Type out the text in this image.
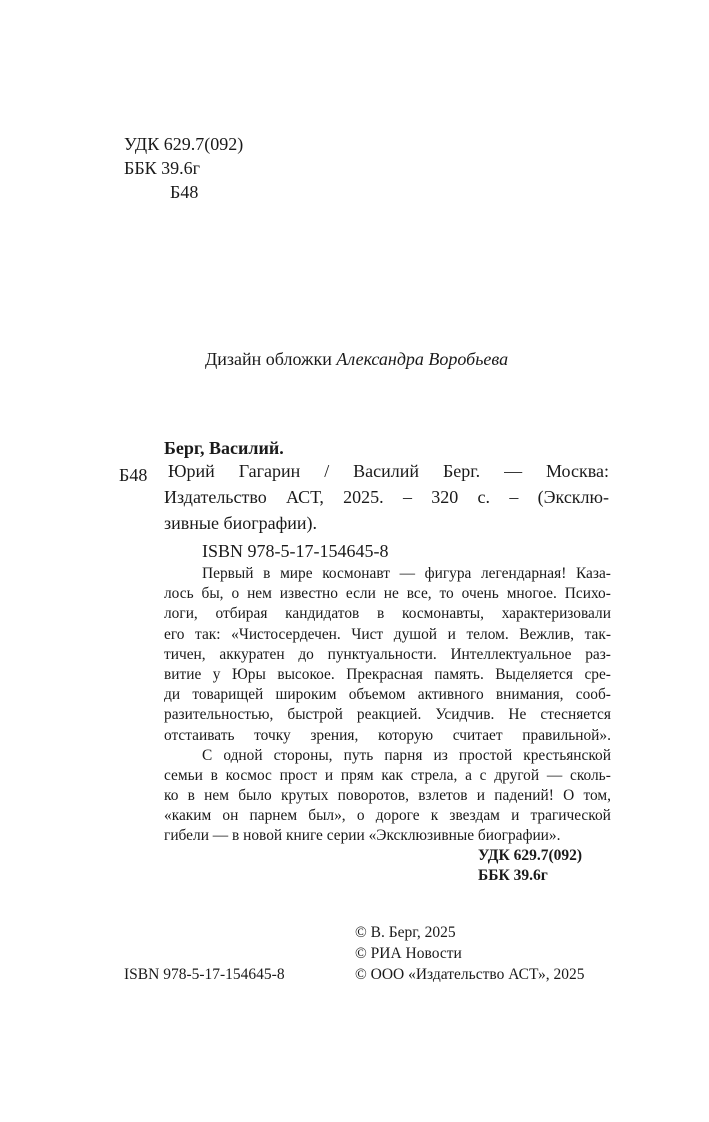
УДК 629.7(092)
ББК 39.6г
Б48
Дизайн обложки Александра Воробьева
Берг, Василий.
Б48 Юрий Гагарин / Василий Берг. — Москва:
Издательство АСТ, 2025. – 320 с. – (Эксклю-
зивные биографии).
ISBN 978-5-17-154645-8
Первый в мире космонавт — фигура легендарная! Каза-
лось бы, о нем известно если не все, то очень многое. Психо-
логи, отбирая кандидатов в космонавты, характеризовали
его так: «Чистосердечен. Чист душой и телом. Вежлив, так-
тичен, аккуратен до пунктуальности. Интеллектуальное раз-
витие у Юры высокое. Прекрасная память. Выделяется сре-
ди товарищей широким объемом активного внимания, сооб-
разительностью, быстрой реакцией. Усидчив. Не стесняется
отстаивать точку зрения, которую считает правильной».
С одной стороны, путь парня из простой крестьянской
семьи в космос прост и прям как стрела, а с другой — сколь-
ко в нем было крутых поворотов, взлетов и падений! О том,
«каким он парнем был», о дороге к звездам и трагической
гибели — в новой книге серии «Эксклюзивные биографии».
УДК 629.7(092)
ББК 39.6г
© В. Берг, 2025
© РИА Новости
© ООО «Издательство АСТ», 2025
ISBN 978-5-17-154645-8
